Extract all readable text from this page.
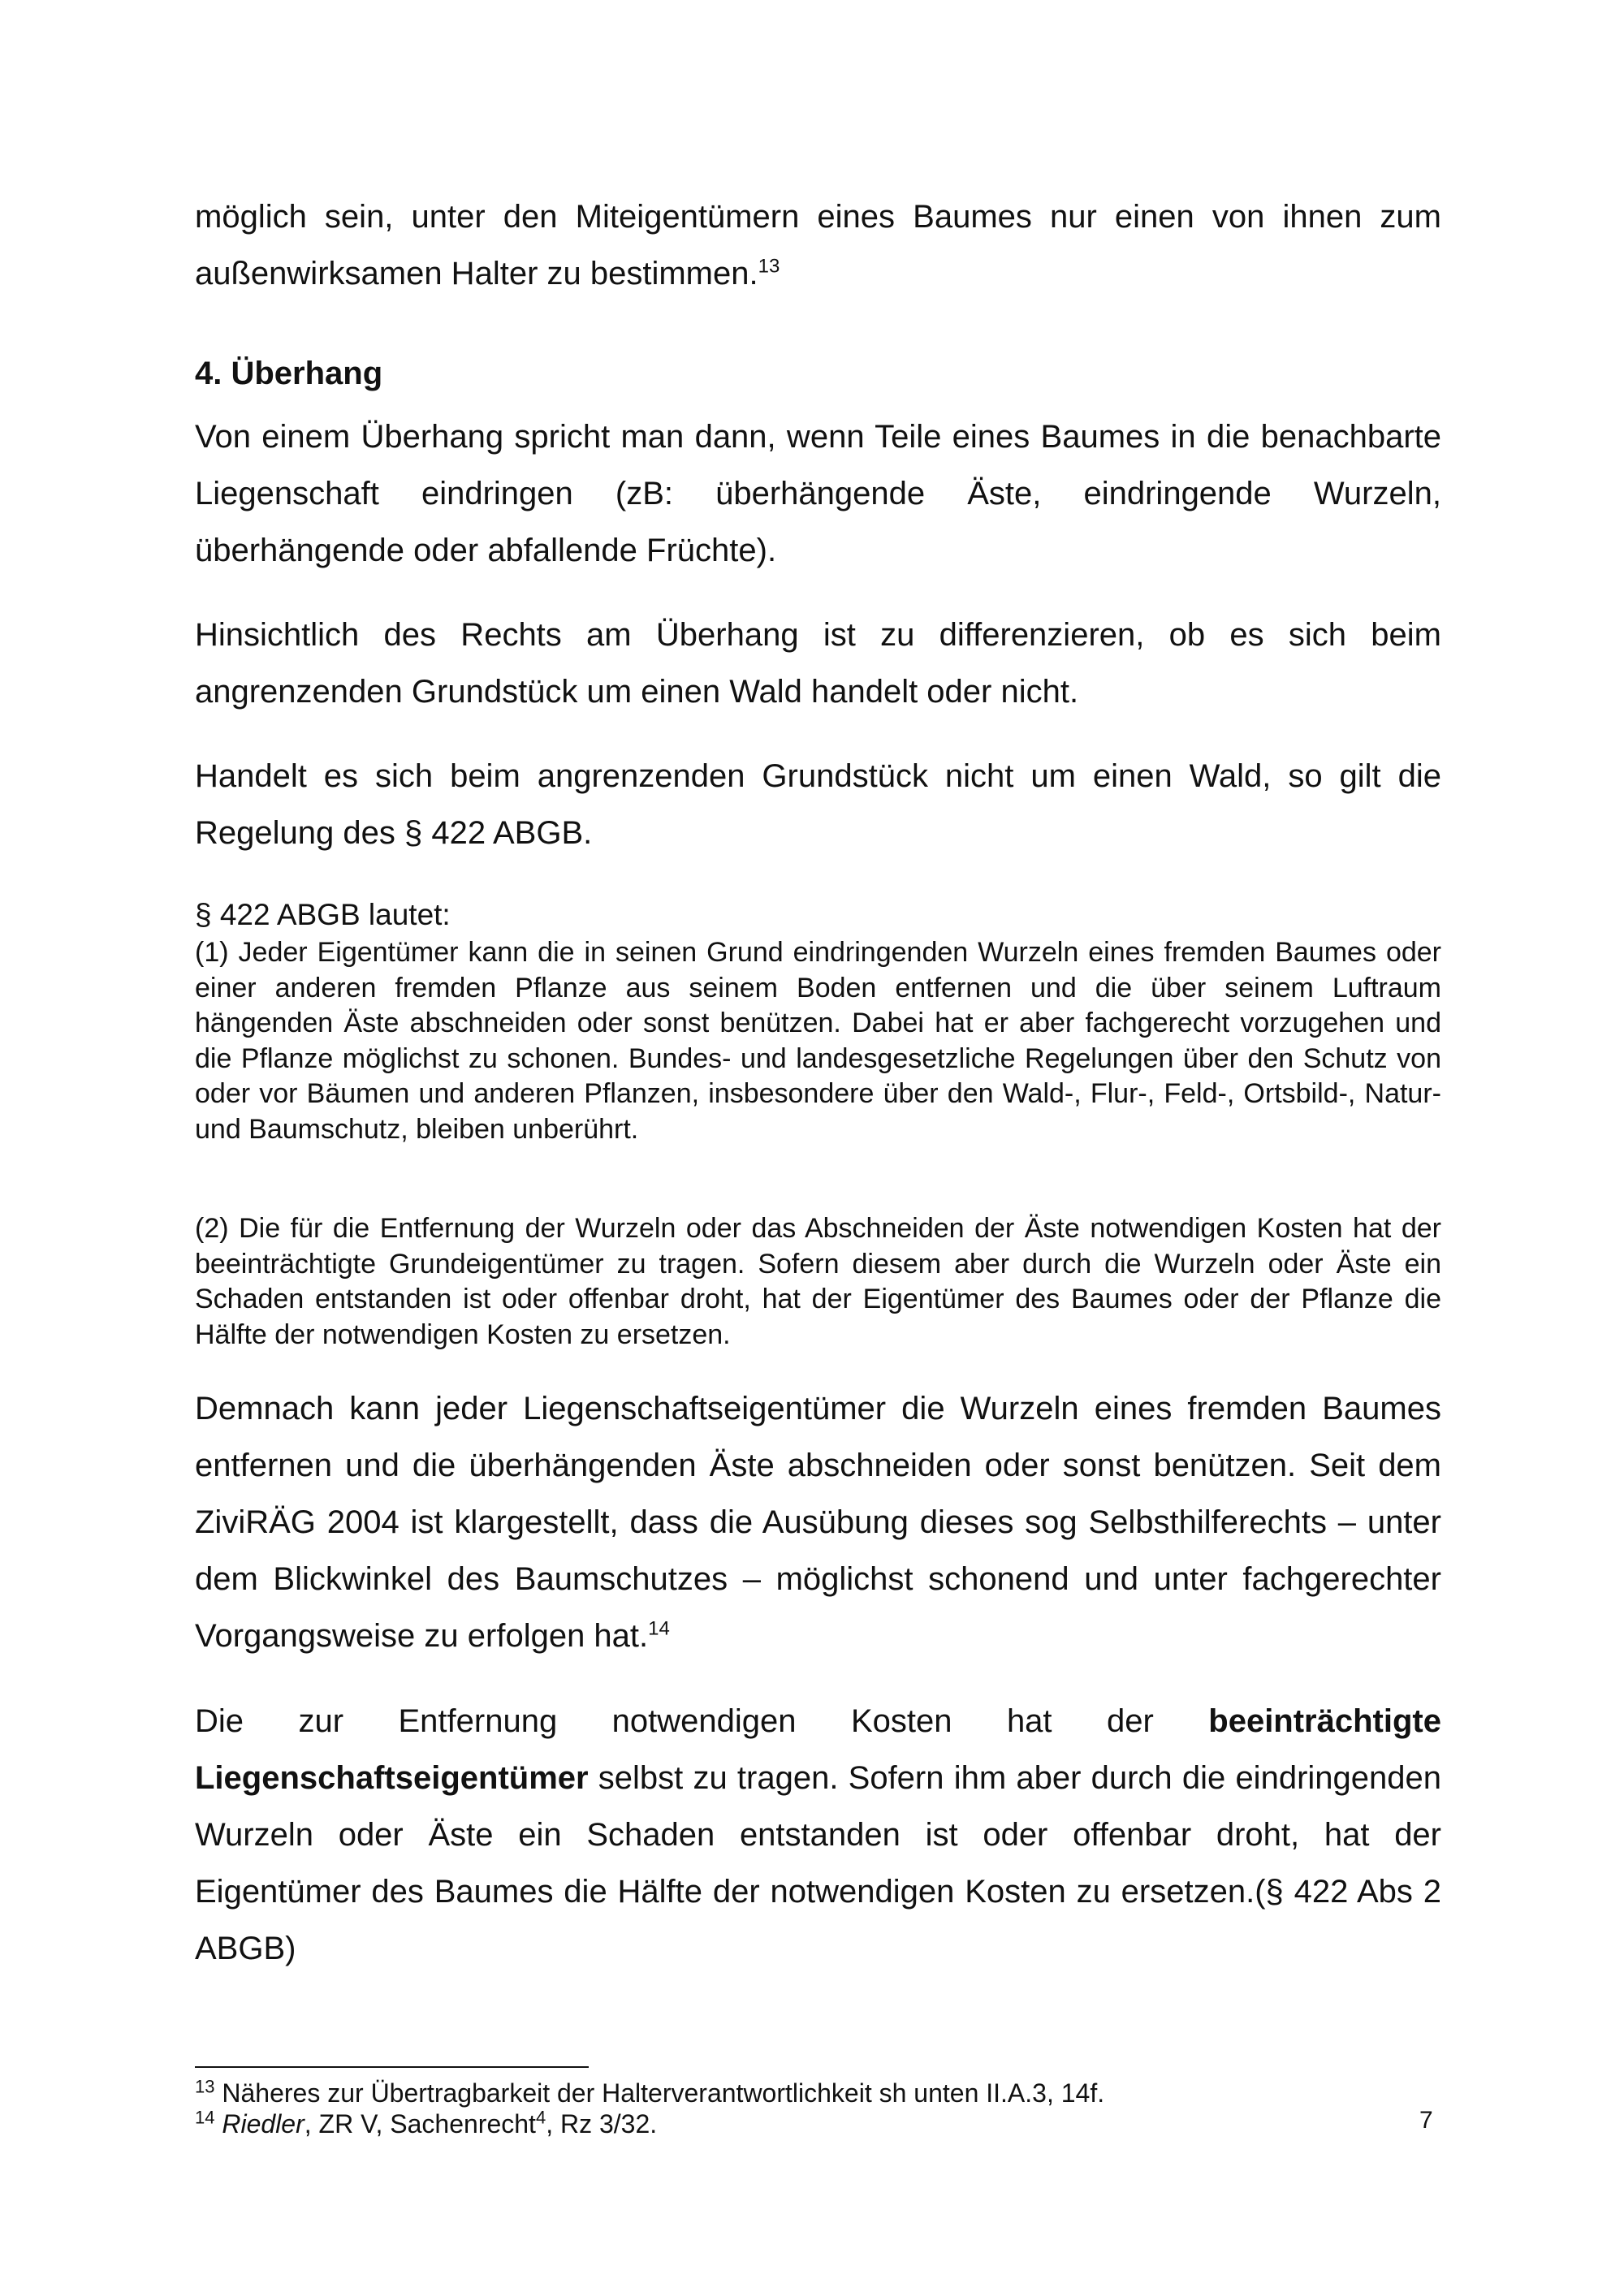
möglich sein, unter den Miteigentümern eines Baumes nur einen von ihnen zum außenwirksamen Halter zu bestimmen.$^{13}$

4. Überhang

Von einem Überhang spricht man dann, wenn Teile eines Baumes in die benachbarte Liegenschaft eindringen (zB: überhängende Äste, eindringende Wurzeln, überhängende oder abfallende Früchte).

Hinsichtlich des Rechts am Überhang ist zu differenzieren, ob es sich beim angrenzenden Grundstück um einen Wald handelt oder nicht.

Handelt es sich beim angrenzenden Grundstück nicht um einen Wald, so gilt die Regelung des § 422 ABGB.

§ 422 ABGB lautet:

(1) Jeder Eigentümer kann die in seinen Grund eindringenden Wurzeln eines fremden Baumes oder einer anderen fremden Pflanze aus seinem Boden entfernen und die über seinem Luftraum hängenden Äste abschneiden oder sonst benützen. Dabei hat er aber fachgerecht vorzugehen und die Pflanze möglichst zu schonen. Bundes- und landesgesetzliche Regelungen über den Schutz von oder vor Bäumen und anderen Pflanzen, insbesondere über den Wald-, Flur-, Feld-, Ortsbild-, Natur- und Baumschutz, bleiben unberührt.

(2) Die für die Entfernung der Wurzeln oder das Abschneiden der Äste notwendigen Kosten hat der beeinträchtigte Grundeigentümer zu tragen. Sofern diesem aber durch die Wurzeln oder Äste ein Schaden entstanden ist oder offenbar droht, hat der Eigentümer des Baumes oder der Pflanze die Hälfte der notwendigen Kosten zu ersetzen.

Demnach kann jeder Liegenschaftseigentümer die Wurzeln eines fremden Baumes entfernen und die überhängenden Äste abschneiden oder sonst benützen. Seit dem ZiviRÄG 2004 ist klargestellt, dass die Ausübung dieses sog Selbsthilferechts – unter dem Blickwinkel des Baumschutzes – möglichst schonend und unter fachgerechter Vorgangsweise zu erfolgen hat.$^{14}$

Die zur Entfernung notwendigen Kosten hat der beeinträchtigte Liegenschaftseigentümer selbst zu tragen. Sofern ihm aber durch die eindringenden Wurzeln oder Äste ein Schaden entstanden ist oder offenbar droht, hat der Eigentümer des Baumes die Hälfte der notwendigen Kosten zu ersetzen.(§ 422 Abs 2 ABGB)

$^{13}$ Näheres zur Übertragbarkeit der Halterverantwortlichkeit sh unten II.A.3, 14f.

$^{14}$ Riedler, ZR V, Sachenrecht$^4$, Rz 3/32.	7
